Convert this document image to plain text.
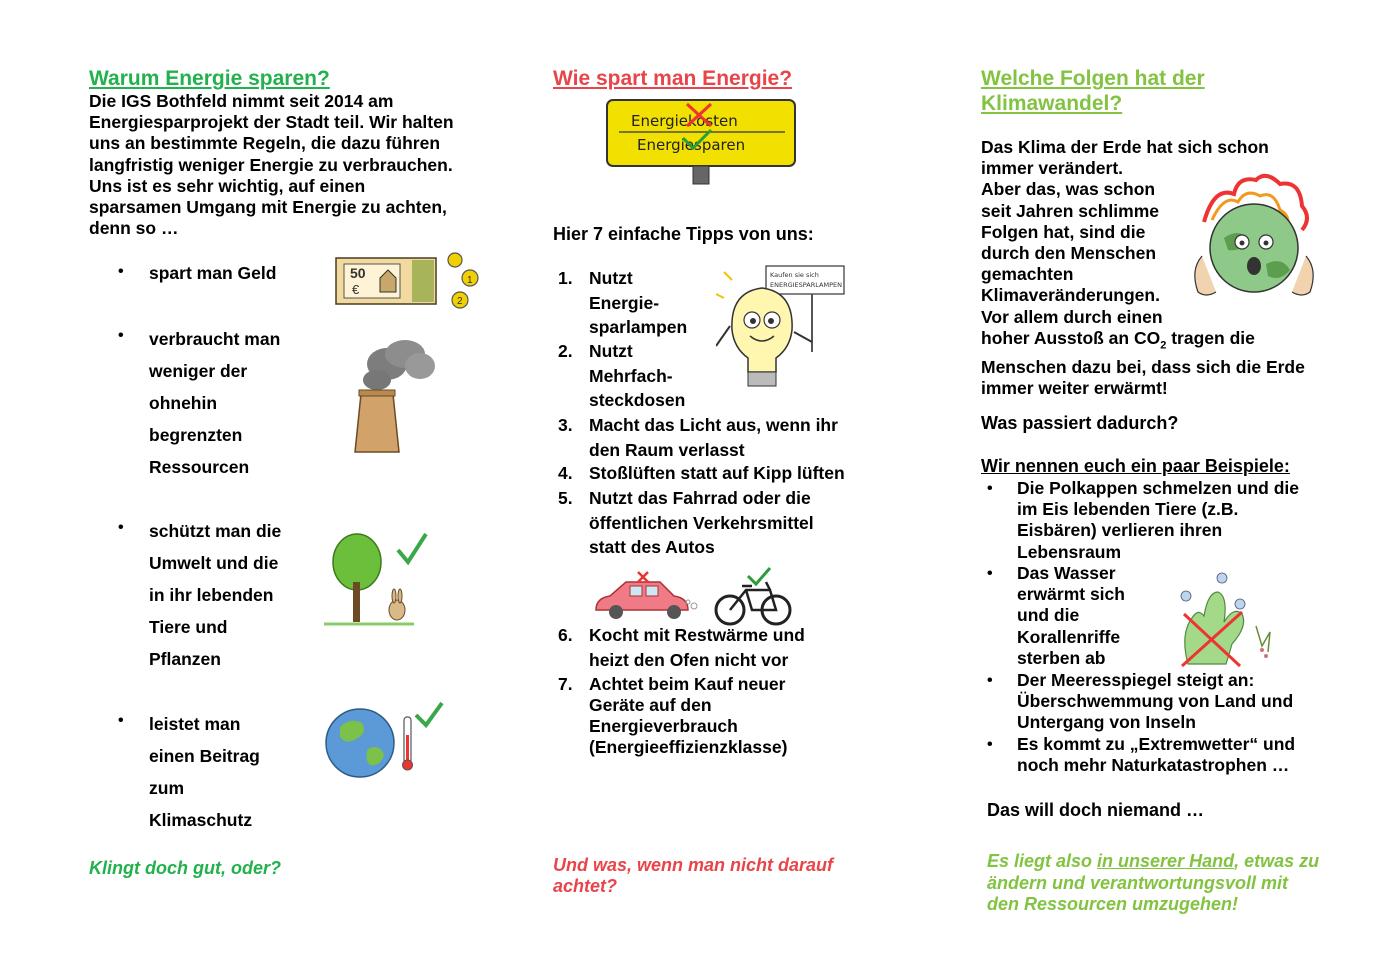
Warum Energie sparen?
Die IGS Bothfeld nimmt seit 2014 am Energiesparprojekt der Stadt teil. Wir halten uns an bestimmte Regeln, die dazu führen langfristig weniger Energie zu verbrauchen. Uns ist es sehr wichtig, auf einen sparsamen Umgang mit Energie zu achten, denn so …
• spart man Geld	50
€
1
2
• verbraucht man
weniger der
ohnehin
begrenzten
Ressourcen
• schützt man die
Umwelt und die
in ihr lebenden
Tiere und
Pflanzen
• leistet man
einen Beitrag
zum
Klimaschutz
Klingt doch gut, oder?
Wie spart man Energie?
Energiekosten
Energiesparen
Hier 7 einfache Tipps von uns:
1. Nutzt
Energie-
sparlampen
2. Nutzt
Mehrfach-
steckdosen
Kaufen sie sich
ENERGIESPARLAMPEN
3. Macht das Licht aus, wenn ihr
den Raum verlasst
4. Stoßlüften statt auf Kipp lüften
5. Nutzt das Fahrrad oder die
öffentlichen Verkehrsmittel
statt des Autos
6. Kocht mit Restwärme und
heizt den Ofen nicht vor
7. Achtet beim Kauf neuer
Geräte auf den
Energieverbrauch
(Energieeffizienzklasse)
Und was, wenn man nicht darauf
achtet?
Welche Folgen hat der
Klimawandel?
Das Klima der Erde hat sich schon
immer verändert.
Aber das, was schon
seit Jahren schlimme
Folgen hat, sind die
durch den Menschen
gemachten
Klimaveränderungen.
Vor allem durch einen
hoher Ausstoß an $CO_2$ tragen die
Menschen dazu bei, dass sich die Erde
immer weiter erwärmt!
Was passiert dadurch?
Wir nennen euch ein paar Beispiele:
• Die Polkappen schmelzen und die
im Eis lebenden Tiere (z.B.
Eisbären) verlieren ihren
Lebensraum
• Das Wasser
erwärmt sich
und die
Korallenriffe
sterben ab
• Der Meeresspiegel steigt an:
Überschwemmung von Land und
Untergang von Inseln
• Es kommt zu „Extremwetter“ und
noch mehr Naturkatastrophen …
Das will doch niemand …
Es liegt also in unserer Hand, etwas zu
ändern und verantwortungsvoll mit
den Ressourcen umzugehen!
